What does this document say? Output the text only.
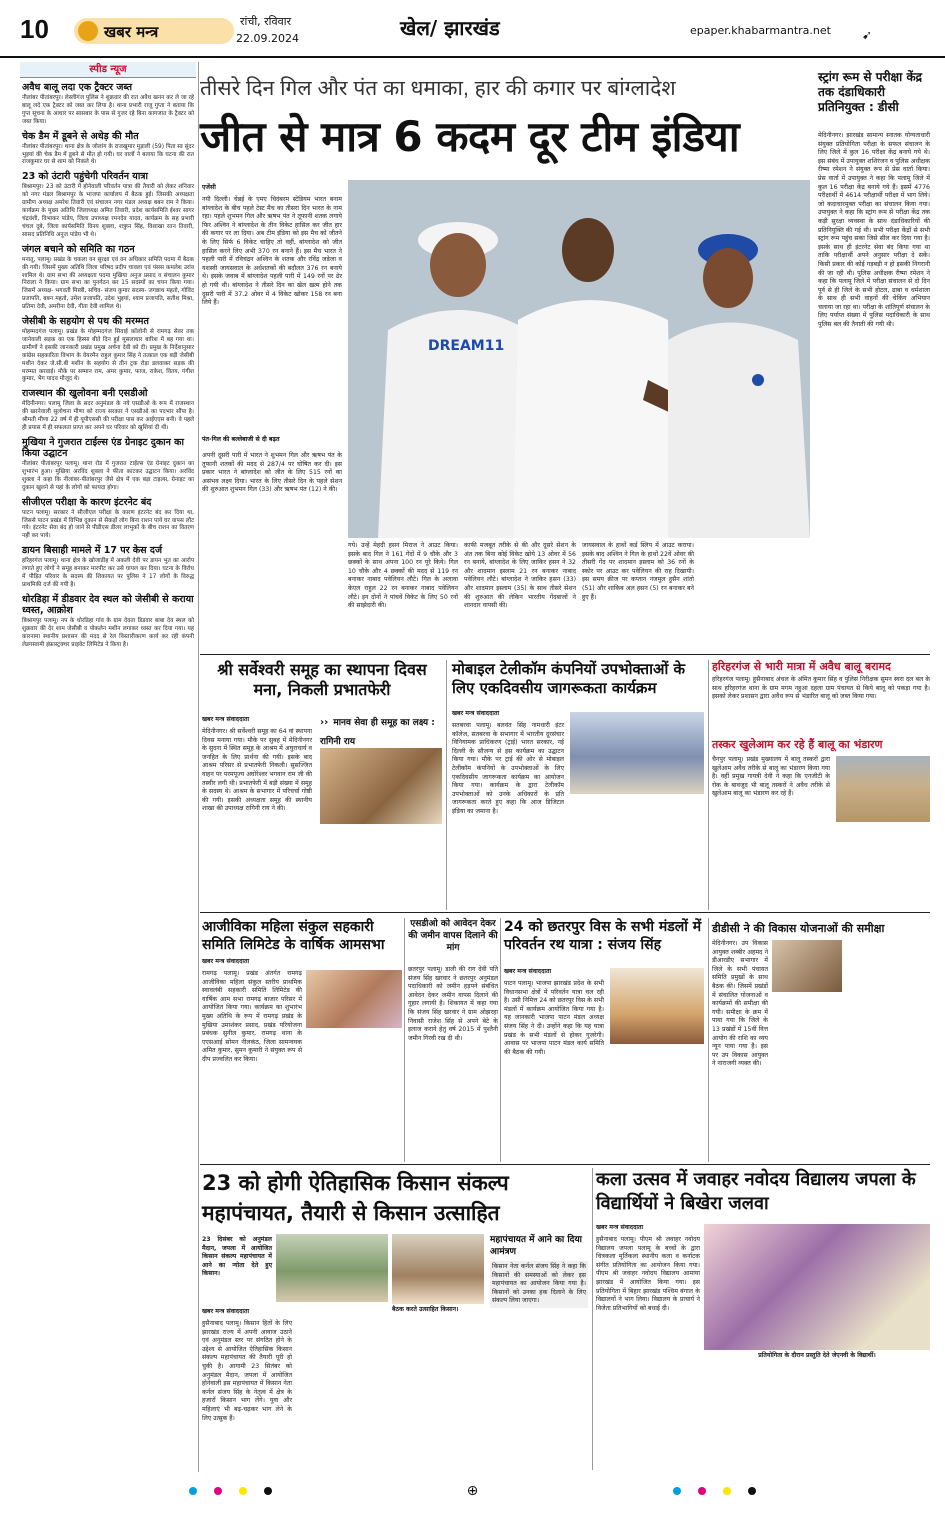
10	खबर मन्त्र
रांची, रविवार
22.09.2024	खेल/ झारखंड	epaper.khabarmantra.net	➹
स्पीड न्यूज
अवैध बालू लदा एक ट्रैक्टर जब्त
नीलांबर पीतांबरपुर। लेस्लीगंज पुलिस ने शुक्रवार की रात अवैध खनन कर ले जा रहे बालू लदे एक ट्रैक्टर को जब्त कर लिया है। थाना प्रभारी राजू गुप्ता ने बताया कि गुप्त सूचना के आधार पर सासबार के पास से गुजर रहे बिना कागजात के ट्रैक्टर को जब्त किया।
चेक डैम में डूबने से अधेड़ की मौत
नीलांबर पीतांबरपुर। थाना क्षेत्र के जोलांग के राजखुमार मुड़ाली (59) पिता स्व सुंदर भुइयां की चेक डैम में डूबने से मौत हो गयी। घर वालों ने बताया कि घटना की रात राजकुमार घर से शाम को निकले थे।
23 को उंटारी पहुंचेगी परिवर्तन यात्रा
बिश्रामपुर। 23 को उंटारी में होनेवाली परिवर्तन यात्रा की तैयारी को लेकर शनिवार को नगर मंडल बिश्रामपुर के भाजपा कार्यालय में बैठक हुई। जिसकी अध्यक्षता ग्रामीण अध्यक्ष अमरेश तिवारी एवं संचालन नगर मंडल अध्यक्ष बबन राम ने किया। कार्यक्रम के मुख्य अतिथि जिलाध्यक्ष अमित तिवारी, प्रदेश कार्यसमिति ईश्वर सागर चंद्रवंशी, विभाकर पांडेय, जिला उपाध्यक्ष रमनदेव यादव, कार्यक्रम के सह प्रभारी चंचल दुबे, जिला कार्यसमिति विनय शुक्ला, शत्रुघ्न सिंह, विशाखा रतन तिवारी, सासद प्रतिनिधि अनुज पांडेय भी थे।
जंगल बचाने को समिति का गठन
मनातू, पलामू। प्रखंड के चकला वन सुरक्षा एवं वन अधिकार समिति पदमा में बैठक की गयी। जिसमें मुख्य अतिथि जिला परिषद प्रदीप चावला एवं पंसस कमलेश उरांव शामिल थे। ग्राम सभा की अध्यक्षता पदमा मुखिया अनुज प्रसाद व संचालन कुमार निराला ने किया। ग्राम सभा का पुनर्गठन कर 15 सदस्यों का चयन किया गया। जिसमें अध्यक्ष- भगवती मिस्त्री, सचिव- संजय कुमार सदस्य- जगन्नाथ महतो, गोविंद प्रजापति, बबन महतो, उमेश प्रजापति, उदेश भुइयां, श्याम प्रजापति, सतीश मिश्रा, प्रतिमा देवी, अमरीना देवी, गीता देवी शामिल थे।
जेसीबी के सहयोग से पथ की मरम्मत
मोहम्मदगंज पलामू। प्रखंड के मोहम्मदगंज सिवाई कॉलोनी से रामगढ़ सेवर तक जानेवाली सड़क का एक हिस्सा बीते दिन हुई मूसलाधार बारिश में बह गया था। ग्रामीणों ने इसकी जानकारी प्रखंड प्रमुख अर्चना देवी को दी। प्रमुख के निर्देशानुसार कांग्रेस सहकारिता विभाग के वेयरमैन राहुल कुमार सिंह ने तत्काल एक बड़ी जेसीबी मशीन देकर जे.सी.बी मशीन के सहयोग से तीन ट्रक रोड़ा डलवाकर सड़क की मरम्मत करवाई। मौके पर सम्मान राम, अमर कुमार, फाज, राकेश, वितय, गंगीश कुमार, भैग यादव मौजूद थे।
राजस्थान की खुलोवना बनी एसडीओ
मेदिनीनगर। पलामू जिला के सदर अनुमंडल के नये एसडीओ के रूप में राजस्थान की खरनेवाली सुलोचना मीणा को राज्य सरकार ने एसडीओ का पदभार सौंपा है। श्रीमती मीणा 22 वर्ष में ही यूपीएससी की परीक्षा पास कर आईएएस बनी। वे पहले ही प्रयास में ही सफलता प्राप्त कर अपने घर परिवार को खुशियां दी थी।
मुखिया ने गुजरात टाईल्स एंड ग्रेनाइट दुकान का किया उद्घाटन
नीलांबर पीतांबरपुर पलामू। थाना रोड में गुजरात टाईल्स एंड ग्रेनाइट दुकान का शुभारंभ हुआ। मुखिया अरविंद शुक्ला ने फीता काटकर उद्घाटन किया। अरविंद शुक्ला ने कहा कि नीलांबर-पीतांबरपुर जैसे क्षेत्र में एक बड़ा टाइल्स, ग्रेनाइट का दुकान खुलने से यहां के लोगों को फायदा होगा।
सीजीएल परीक्षा के कारण इंटरनेट बंद
पाटन पलामू। सरकार ने सीजीएल परीक्षा के कारण इंटरनेट बंद कर दिया था, जिससे पाटन प्रखंड में विभिन्न दुकान से सैकड़ों लोग बिना राशन पाये घर वापस लौट गये। इंटरनेट सेवा बंद हो जाने से पीडीएस डीलर लाभुकों के बीच राशन का वितरण नहीं कर पाये।
डायन बिसाही मामले में 17 पर केस दर्ज
हरिहरगंज पलामू। थाना क्षेत्र के खोजाडीह में अकली देवी पर डायन भूत का आरोप लगाते हुए लोगों ने समूह बनाकर मारपीट कर उसे घायल कर दिया। घटना के विरोध में पीड़ित परिवार के सदस्य की शिकायत पर पुलिस ने 17 लोगों के विरुद्ध प्राथमिकी दर्ज की गयी है।
धोरडिहा में डीडवार देव स्थल को जेसीबी से कराया ध्वस्त, आक्रोश
बिश्रामपुर पलामू। नप के धोरडिहा गांव के ग्राम देवता डिडवार बाबा देव स्थल को शुक्रवार की देर शाम जेसीबी व पोकलेन मशीन लगाकर ध्वस्त कर दिया गया। यह कारनामा स्थानीय प्रशासन की मदद से रेल विस्तारीकरण कार्य कर रही कंपनी लेडगस्वामी इंफ्रास्ट्रक्चर प्राइवेट लिमिटेड ने किया है।
तीसरे दिन गिल और पंत का धमाका, हार की कगार पर बांग्लादेश
जीत से मात्र 6 कदम दूर टीम इंडिया
एजेंसी
नयी दिल्ली। चेन्नई के एमए चिदंबरम स्टेडियम भारत बनाम बांग्लादेश के बीच पहले टेस्ट मैच का तीसरा दिन भारत के नाम रहा। पहले शुभमन गिल और ऋषभ पंत ने तूफानी शतक लगाये फिर अश्विन ने बांग्लादेश के तीन विकेट हासिल कर जीत हार की कगार पर ला दिया। अब टीम इंडिया को इस मैच को जीतने के लिए सिर्फ 6 विकेट चाहिए तो वहीं, बांग्लादेश को जीत हासिल करने लिए अभी 370 रन बनाने हैं। इस मैच भारत ने पहली पारी में रविचंद्रन अश्विन के शतक और रविंद्र जडेजा व यशस्वी जायसवाल के अर्धशतकों की बदौलत 376 रन बनाये थे। इसके जवाब में बांग्लादेश पहली पारी में 149 रनों पर ढेर हो गयी थी। बांग्लादेश ने तीसरे दिन का खेल खत्म होने तक दूसरी पारी में 37.2 ओवर में 4 विकेट खोकर 158 रन बना लिये हैं।
पंत-गिल की बल्लेबाजी से दी बढ़त
अपनी दूसरी पारी में भारत ने शुभमन गिल और ऋषभ पंत के तूफानी शतकों की मदद से 287/4 पर घोषित कर दी। इस प्रकार भारत ने बांग्लादेश को जीत के लिए 515 रनों का असंभव लक्ष्य दिया। भारत के लिए तीसरे दिन के पहले सेशन की शुरुआत शुभमन गिल (33) और ऋषभ पंत (12) ने की।
DREAM11
गये। उन्हें मेहदी हसन मिराज ने आउट किया। इसके बाद गिल ने 161 गेंदों में 9 चौके और 3 छक्कों के साथ अपना 100 रन पूरे किये। गिल 10 चौके और 4 छक्कों की मदद से 119 रन बनाकर नाबाद पवेलियन लौटे। गिल के अलावा केएल राहुल 22 रन बनाकर नाबाद पवेलियन लौटे। इन दोनों ने पांचवें विकेट के लिए 50 रनों की साझेदारी की।
काफी मजबूत तरीके से की और दूसरे सेशन के अंत तक बिना कोई विकेट खोये 13 ओवर में 56 रन बनाये, बांग्लादेश के लिए जाकिर हसन ने 32 और शादमान इस्लाम 21 रन बनाकर नाबाद पवेलियन लौटे। बांग्लादेश ने जाकिर हसन (33) और शादमान इस्लाम (35) के साथ तीसरे सेशन की शुरुआत की लेकिन भारतीय गेंदबाजों ने शानदार वापसी की।
जायसवाल के हाथों कर्ड स्लिप में आउट कराया। इसके बाद अश्विन ने गिल के हाथों 22वें ओवर की तीसरी गेंद पर शादमान इस्लाम को 36 रनों के स्कोर पर आउट कर पवेलियन की राह दिखायी। इस समय क्रीज पर कप्तान नजमुल हुसैन शांतो (51) और शाकिब अल हसन (5) रन बनाकर बने हुए हैं।
स्ट्रांग रूम से परीक्षा केंद्र तक दंडाधिकारी प्रतिनियुक्त : डीसी
मेदिनीनगर। झारखंड सामान्य स्नातक योग्यताधारी संयुक्त प्रतियोगिता परीक्षा के सफल संचालन के लिए जिले में कुल 16 परीक्षा केंद्र बनाये गये थे। इस संबंध में उपायुक्त शशिरंजन व पुलिस अधीक्षक रीष्मा रमेशन ने संयुक्त रूप से प्रेस वार्ता किया। प्रेस वार्ता में उपायुक्त ने कहा कि पलामू जिले में कुल 16 परीक्षा केंद्र बनाये गये हैं। इसमें 4776 परीक्षार्थी में 4614 परीक्षार्थी परीक्षा में भाग लिये। जो कदाचारमुक्त परीक्षा का संचालन किया गया। उपायुक्त ने कहा कि स्ट्रांग रूम से परीक्षा केंद्र तक कड़ी सुरक्षा व्यवस्था के साथ दंडाधिकारियों की प्रतिनियुक्ति की गई थी। सभी परीक्षा केंद्रों से सभी स्ट्रांग रूम पहुंच सका जिसे सील कर दिया गया है। इसके साथ ही इंटरनेट सेवा बंद किया गया था ताकि परीक्षार्थी अपने अनुसार परीक्षा दे सकें। किसी प्रकार की कोई गड़बड़ी न हो इसकी निगरानी की जा रही थी। पुलिस अधीक्षक रीष्मा रमेशन ने कहा कि पलामू जिले में परीक्षा संचालन से दो दिन पूर्व से ही जिले के सभी होटल, ढाबा व धर्मशाला के साथ ही सभी वाहनों की चेकिंग अभियान चलाया जा रहा था। परीक्षा के शांतिपूर्ण संचालन के लिए पर्याप्त संख्या में पुलिस पदाधिकारी के साथ पुलिस बल की तैनाती की गयी थी।
श्री सर्वेश्वरी समूह का स्थापना दिवस मना, निकली प्रभातफेरी
खबर मन्त्र संवाददाता
मेदिनीनगर। श्री सर्वेश्वरी समूह का 64 वां स्थापना दिवस मनाया गया। मौके पर सुबह में मेदिनीनगर के सुदना में स्थित समूह के आश्रम में अघुराचार्य व जनहित के लिए प्रार्थना की गयी। इसके बाद आश्रम परिसर से प्रभातफेरी निकली। सुसज्जित वाहन पर परमपूज्य अघोरेश्वर भगवान राम जी की तस्वीर लगी थी। प्रभातफेरी में बड़ी संख्या में समूह के सदस्य थे। आश्रम के सभागार में परिचर्चा गोष्ठी की गयी। इसकी अध्यक्षता समूह की स्थानीय शाखा की उपाध्यक्ष रागिनी राय ने की।
›› मानव सेवा ही समूह का लक्ष्य : रागिनी राय
मोबाइल टेलीकॉम कंपनियों उपभोक्ताओं के लिए एकदिवसीय जागरूकता कार्यक्रम
खबर मन्त्र संवाददाता
सतबरवा पलामू। बलवंत सिंह नामधारी इंटर कॉलेज, सतबरवा के सभागार में भारतीय दूरसंचार विनियामक प्राधिकरण (ट्राई) भारत सरकार, नई दिल्ली के सौजन्य से इस कार्यक्रम का उद्घाटन किया गया। मौके पर ट्राई की ओर से मोबाइल टेलीकॉम कंपनियों के उपभोक्ताओं के लिए एकदिवसीय जागरूकता कार्यक्रम का आयोजन किया गया। कार्यक्रम के द्वारा टेलीकॉम उपभोक्ताओं को उनके अधिकारों के प्रति जागरूकता करते हुए कहा कि आज डिजिटल इंडिया का जमाना है।
हरिहरगंज से भारी मात्रा में अवैध बालू बरामद
हरिहरगंज पलामू। हुसैनाबाद अंचल के अंमित कुमार सिंह व पुलिस निरीक्षक सुमन स्वरा दल बल के साथ हरिहरगंज थाना के ग्राम मगम नहुआ दहला ग्राम पंचायत से किये बालू को पकड़ा गया है। इसको लेकर प्रशासन द्वारा अवैध रूप से भंडारित बालू को जब्त किया गया।
तस्कर खुलेआम कर रहे हैं बालू का भंडारण
चैनपुर पलामू। प्रखंड मुख्यालय में बालू तस्करों द्वारा खुलेआम अवैध तरीके से बालू का भंडारण किया गया है। वहीं प्रमुख गायत्री देवी ने कहा कि एनजीटी के रोक के बावजूद भी बालू तस्करों ने अवैध तरीके से खुलेआम बालू का भंडारण कर रहे हैं।
आजीविका महिला संकुल सहकारी समिति लिमिटेड के वार्षिक आमसभा
खबर मन्त्र संवाददाता
रामगढ़ पलामू। प्रखंड अंतर्गत रामगढ़ आजीविका महिला संकुल स्तरीय प्राथमिक स्वावलंबी सहकारी समिति लिमिटेड की वार्षिक आम सभा रामगढ़ बाजार परिसर में आयोजित किया गया। कार्यक्रम का शुभारंभ मुख्य अतिथि के रूप में रामगढ़ प्रखंड के मुखिया उमाशंकर प्रसाद, प्रखंड परियोजना प्रबंधक सुनील कुमार, रामगढ़ थाना के एएसआई सोमन नीलकंठ, जिला सामन्वयक अमित कुमार, सुमन कुमारी ने संयुक्त रूप से दीप प्रज्वलित कर किया।
एसडीओ को आवेदन देकर की जमीन वापस दिलाने की मांग
छतरपुर पलामू। डाली की राग देवी पति संजय सिंह खरवार ने छतरपुर अनुमंडल पदाधिकारी को जमीन हड़पने संबंधित आवेदन देकर जमीन वापस दिलाने की गुहार लगायी है। शिकायत में कहा गया कि संजय सिंह खरवार ने ग्राम ओझरहा निवासी राजेश सिंह से अपने बेटे के इलाज कराने हेतु वर्ष 2015 में पुश्तैनी जमीन गिरवी रख दी थी।
24 को छतरपुर विस के सभी मंडलों में परिवर्तन रथ यात्रा : संजय सिंह
खबर मन्त्र संवाददाता
पाटन पलामू। भाजपा झारखंड प्रदेश के सभी विधानसभा क्षेत्रों में परिवर्तन यात्रा चल रही है। उसी निमित्त 24 को छतरपुर विस के सभी मंडलों में कार्यक्रम आयोजित किया गया है। यह जानकारी भाजपा पाटन मंडल अध्यक्ष संजय सिंह ने दी। उन्होंने कहा कि यह यात्रा प्रखंड के सभी मंडलों से होकर गुजरेगी। आवास पर भाजपा पाटन मंडल कार्य समिति की बैठक की गयी।
डीडीसी ने की विकास योजनाओं की समीक्षा
मेदिनीनगर। उप विकास आयुक्त शब्बीर अहमद ने डीआरडीए सभागार में जिले के सभी पंचायत समिति प्रमुखों के साथ बैठक की। जिसमें प्रखंडों में संचालित योजनाओं व कार्यक्रमों की समीक्षा की गयी। समीक्षा के क्रम में पाया गया कि जिले के 13 प्रखंडों में 15वीं वित्त आयोग की राशि का व्यय न्यून पाया गया है। इस पर उप विकास आयुक्त ने नाराजगी व्यक्त की।
23 को होगी ऐतिहासिक किसान संकल्प महापंचायत, तैयारी से किसान उत्साहित
23 दिसंबर को अनुमंडल मैदान, जपला में आयोजित किसान संकल्प महापंचायत में आने का न्योता देते हुए किसान।
बैठक करते उत्साहित किसान।
खबर मन्त्र संवाददाता
हुसैनाबाद पलामू। किसान हितों के लिए झारखंड राज्य में अपनी आवाज उठाने एवं अनुमंडल स्तर पर संगठित होने के उद्देश्य से आयोजित ऐतिहासिक किसान संकल्प महापंचायत की तैयारी पूरी हो चुकी है। आगामी 23 सितंबर को अनुमंडल मैदान, जपला में आयोजित होनेवाली इस महापंचायत में किसान नेता कर्नल संजय सिंह के नेतृत्व में क्षेत्र के हजारों किसान भाग लेंगे। युवा और महिलाएं भी बढ़-चढ़कर भाग लेने के लिए उत्सुक हैं।
महापंचायत में आने का दिया आमंत्रण
किसान नेता कर्नल संजय सिंह ने कहा कि किसानों की समस्याओं को लेकर इस महापंचायत का आयोजन किया गया है। किसानों को उनका हक दिलाने के लिए संकल्प लिया जाएगा।
कला उत्सव में जवाहर नवोदय विद्यालय जपला के विद्यार्थियों ने बिखेरा जलवा
खबर मन्त्र संवाददाता
हुसैनाबाद पलामू। पीएम श्री जवाहर नवोदय विद्यालय जपला पलामू के बच्चों के द्वारा चित्रकला मूर्तिकला स्थानीय कला व कर्नाटक संगीत प्रतियोगिता का आयोजन किया गया। पीएम श्री जवाहर नवोदय विद्यालय आमाया झारखंड में आयोजित किया गया। इस प्रतियोगिता में बिहार झारखंड पश्चिम बंगाल के विद्यालयों ने भाग लिया। विद्यालय के प्राचार्य ने विजेता प्रतिभागियों को बधाई दी।
प्रतियोगिता के दौरान प्रस्तुति देते जेएनवी के विद्यार्थी।
⊕
